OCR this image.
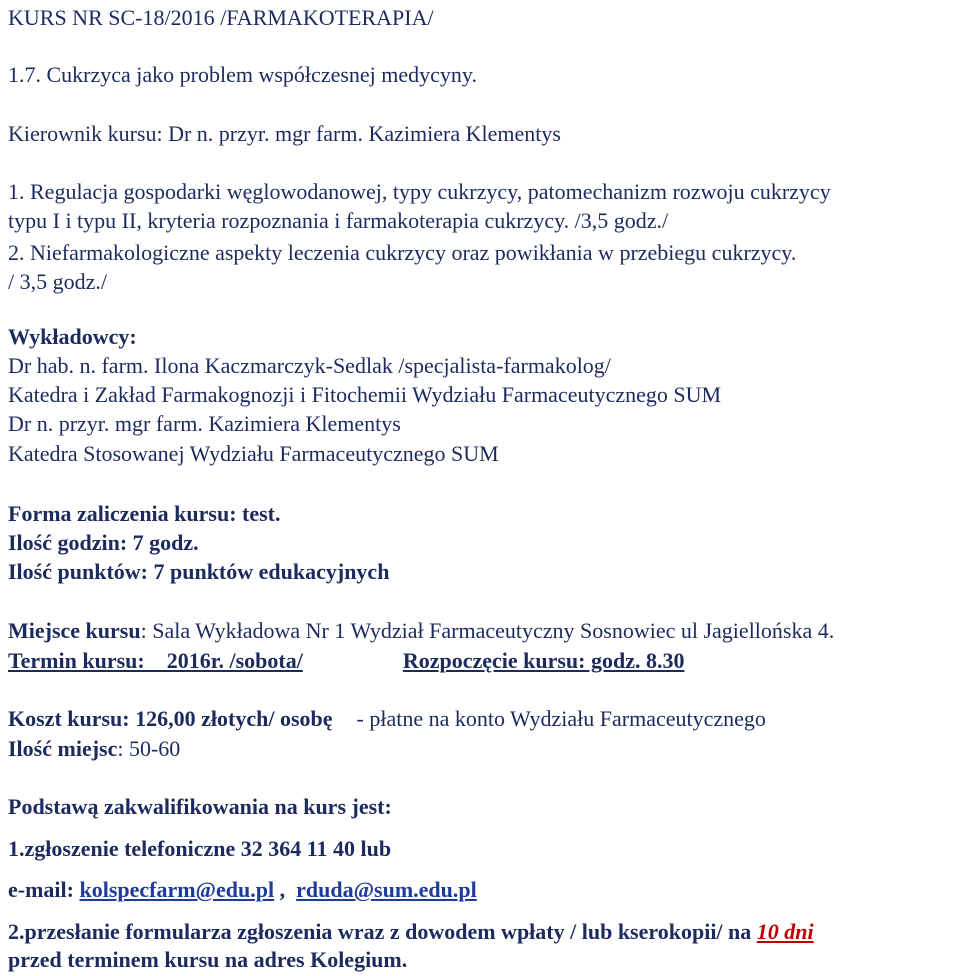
KURS NR SC-18/2016 /FARMAKOTERAPIA/
1.7. Cukrzyca jako problem współczesnej medycyny.
Kierownik kursu: Dr n. przyr. mgr farm. Kazimiera Klementys
1. Regulacja gospodarki węglowodanowej, typy cukrzycy, patomechanizm rozwoju cukrzycy
typu I i typu II, kryteria rozpoznania i farmakoterapia cukrzycy. /3,5 godz./
2. Niefarmakologiczne aspekty leczenia cukrzycy oraz powikłania w przebiegu cukrzycy.
/ 3,5 godz./
Wykładowcy:
Dr hab. n. farm. Ilona Kaczmarczyk-Sedlak /specjalista-farmakolog/
Katedra i Zakład Farmakognozji i Fitochemii Wydziału Farmaceutycznego SUM
Dr n. przyr. mgr farm. Kazimiera Klementys
Katedra Stosowanej Wydziału Farmaceutycznego SUM
Forma zaliczenia kursu: test.
Ilość godzin: 7 godz.
Ilość punktów: 7 punktów edukacyjnych
Miejsce kursu: Sala Wykładowa Nr 1 Wydział Farmaceutyczny Sosnowiec ul Jagiellońska 4.
Termin kursu:    2016r. /sobota/	Rozpoczęcie kursu: godz. 8.30
Koszt kursu: 126,00 złotych/ osobę - płatne na konto Wydziału Farmaceutycznego
Ilość miejsc: 50-60
Podstawą zakwalifikowania na kurs jest:
1.zgłoszenie telefoniczne 32 364 11 40 lub
e-mail: kolspecfarm@edu.pl ,  rduda@sum.edu.pl
2.przesłanie formularza zgłoszenia wraz z dowodem wpłaty / lub kserokopii/ na 10 dni
przed terminem kursu na adres Kolegium.
